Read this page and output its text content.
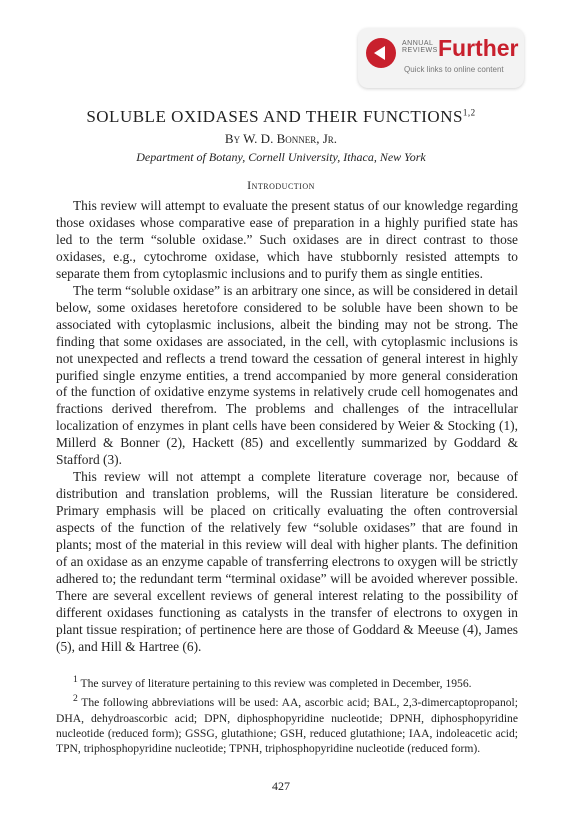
ANNUAL
REVIEWS Further
Quick links to online content
SOLUBLE OXIDASES AND THEIR FUNCTIONS$^{1,2}$
By W. D. Bonner, Jr.
Department of Botany, Cornell University, Ithaca, New York
Introduction

This review will attempt to evaluate the present status of our knowledge regarding those oxidases whose comparative ease of preparation in a highly purified state has led to the term “soluble oxidase.” Such oxidases are in direct contrast to those oxidases, e.g., cytochrome oxidase, which have stubbornly resisted attempts to separate them from cytoplasmic inclusions and to purify them as single entities.

The term “soluble oxidase” is an arbitrary one since, as will be considered in detail below, some oxidases heretofore considered to be soluble have been shown to be associated with cytoplasmic inclusions, albeit the binding may not be strong. The finding that some oxidases are associated, in the cell, with cytoplasmic inclusions is not unexpected and reflects a trend toward the cessation of general interest in highly purified single enzyme entities, a trend accompanied by more general consideration of the function of oxidative enzyme systems in relatively crude cell homogenates and fractions derived therefrom. The problems and challenges of the intracellular localization of enzymes in plant cells have been considered by Weier & Stocking (1), Millerd & Bonner (2), Hackett (85) and excellently summarized by Goddard & Stafford (3).

This review will not attempt a complete literature coverage nor, because of distribution and translation problems, will the Russian literature be considered. Primary emphasis will be placed on critically evaluating the often controversial aspects of the function of the relatively few “soluble oxidases” that are found in plants; most of the material in this review will deal with higher plants. The definition of an oxidase as an enzyme capable of transferring electrons to oxygen will be strictly adhered to; the redundant term “terminal oxidase” will be avoided wherever possible. There are several excellent reviews of general interest relating to the possibility of different oxidases functioning as catalysts in the transfer of electrons to oxygen in plant tissue respiration; of pertinence here are those of Goddard & Meeuse (4), James (5), and Hill & Hartree (6).

$^1$ The survey of literature pertaining to this review was completed in December, 1956.

$^2$ The following abbreviations will be used: AA, ascorbic acid; BAL, 2,3-dimercaptopropanol; DHA, dehydroascorbic acid; DPN, diphosphopyridine nucleotide; DPNH, diphosphopyridine nucleotide (reduced form); GSSG, glutathione; GSH, reduced glutathione; IAA, indoleacetic acid; TPN, triphosphopyridine nucleotide; TPNH, triphosphopyridine nucleotide (reduced form).

427
